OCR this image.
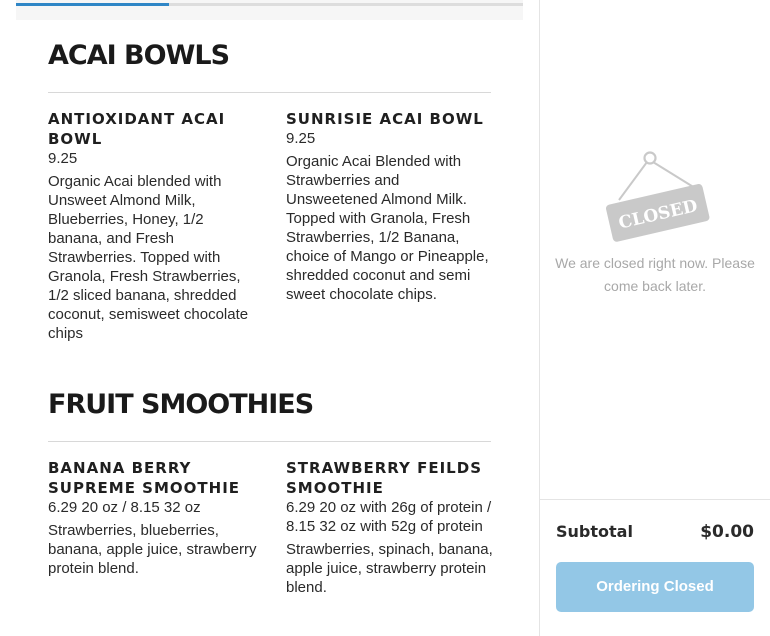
ACAI BOWLS
ANTIOXIDANT ACAI BOWL
9.25
Organic Acai blended with Unsweet Almond Milk, Blueberries, Honey, 1/2 banana, and Fresh Strawberries. Topped with Granola, Fresh Strawberries, 1/2 sliced banana, shredded coconut, semisweet chocolate chips
SUNRISIE ACAI BOWL
9.25
Organic Acai Blended with Strawberries and Unsweetened Almond Milk. Topped with Granola, Fresh Strawberries, 1/2 Banana, choice of Mango or Pineapple, shredded coconut and semi sweet chocolate chips.
FRUIT SMOOTHIES
BANANA BERRY SUPREME SMOOTHIE
6.29 20 oz / 8.15 32 oz
Strawberries, blueberries, banana, apple juice, strawberry protein blend.
STRAWBERRY FEILDS SMOOTHIE
6.29 20 oz with 26g of protein /
8.15 32 oz with 52g of protein
Strawberries, spinach, banana, apple juice, strawberry protein blend.
CLOSED
We are closed right now. Please come back later.
Subtotal	$0.00
Ordering Closed
